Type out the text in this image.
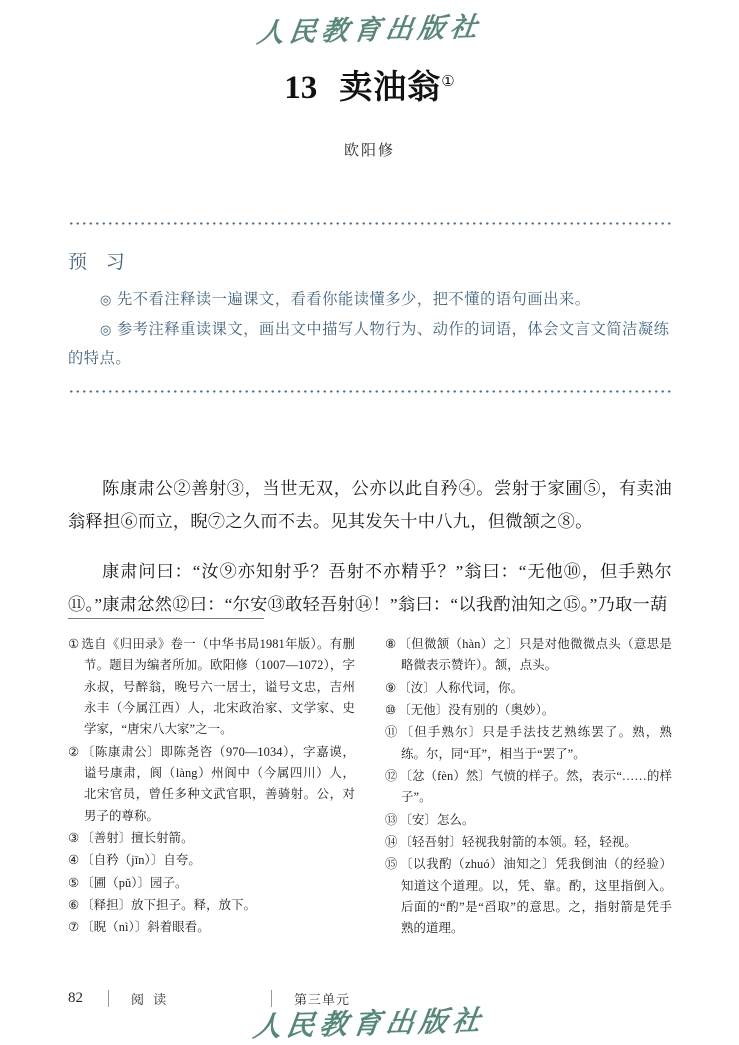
人民教育出版社
13 卖油翁①
欧阳修
预 习
◎ 先不看注释读一遍课文，看看你能读懂多少，把不懂的语句画出来。
◎ 参考注释重读课文，画出文中描写人物行为、动作的词语，体会文言文简洁凝练的特点。

陈康肃公②善射③，当世无双，公亦以此自矜④。尝射于家圃⑤，有卖油翁释担⑥而立，睨⑦之久而不去。见其发矢十中八九，但微颔之⑧。

康肃问曰：“汝⑨亦知射乎？吾射不亦精乎？”翁曰：“无他⑩，但手熟尔⑪。”康肃忿然⑫曰：“尔安⑬敢轻吾射⑭！”翁曰：“以我酌油知之⑮。”乃取一葫

① 选自《归田录》卷一（中华书局1981年版）。有删节。题目为编者所加。欧阳修（1007—1072），字永叔，号醉翁，晚号六一居士，谥号文忠，吉州永丰（今属江西）人，北宋政治家、文学家、史学家，“唐宋八大家”之一。
② 〔陈康肃公〕即陈尧咨（970—1034），字嘉谟，谥号康肃，阆（làng）州阆中（今属四川）人，北宋官员，曾任多种文武官职，善骑射。公，对男子的尊称。
③ 〔善射〕擅长射箭。
④ 〔自矜（jīn）〕自夸。
⑤ 〔圃（pǔ）〕园子。
⑥ 〔释担〕放下担子。释，放下。
⑦ 〔睨（nì）〕斜着眼看。
⑧ 〔但微颔（hàn）之〕只是对他微微点头（意思是略微表示赞许）。颔，点头。
⑨ 〔汝〕人称代词，你。
⑩ 〔无他〕没有别的（奥妙）。
⑪ 〔但手熟尔〕只是手法技艺熟练罢了。熟，熟练。尔，同“耳”，相当于“罢了”。
⑫ 〔忿（fèn）然〕气愤的样子。然，表示“……的样子”。
⑬ 〔安〕怎么。
⑭ 〔轻吾射〕轻视我射箭的本领。轻，轻视。
⑮ 〔以我酌（zhuó）油知之〕凭我倒油（的经验）知道这个道理。以，凭、靠。酌，这里指倒入。后面的“酌”是“舀取”的意思。之，指射箭是凭手熟的道理。
82	阅 读	第三单元
人民教育出版社
